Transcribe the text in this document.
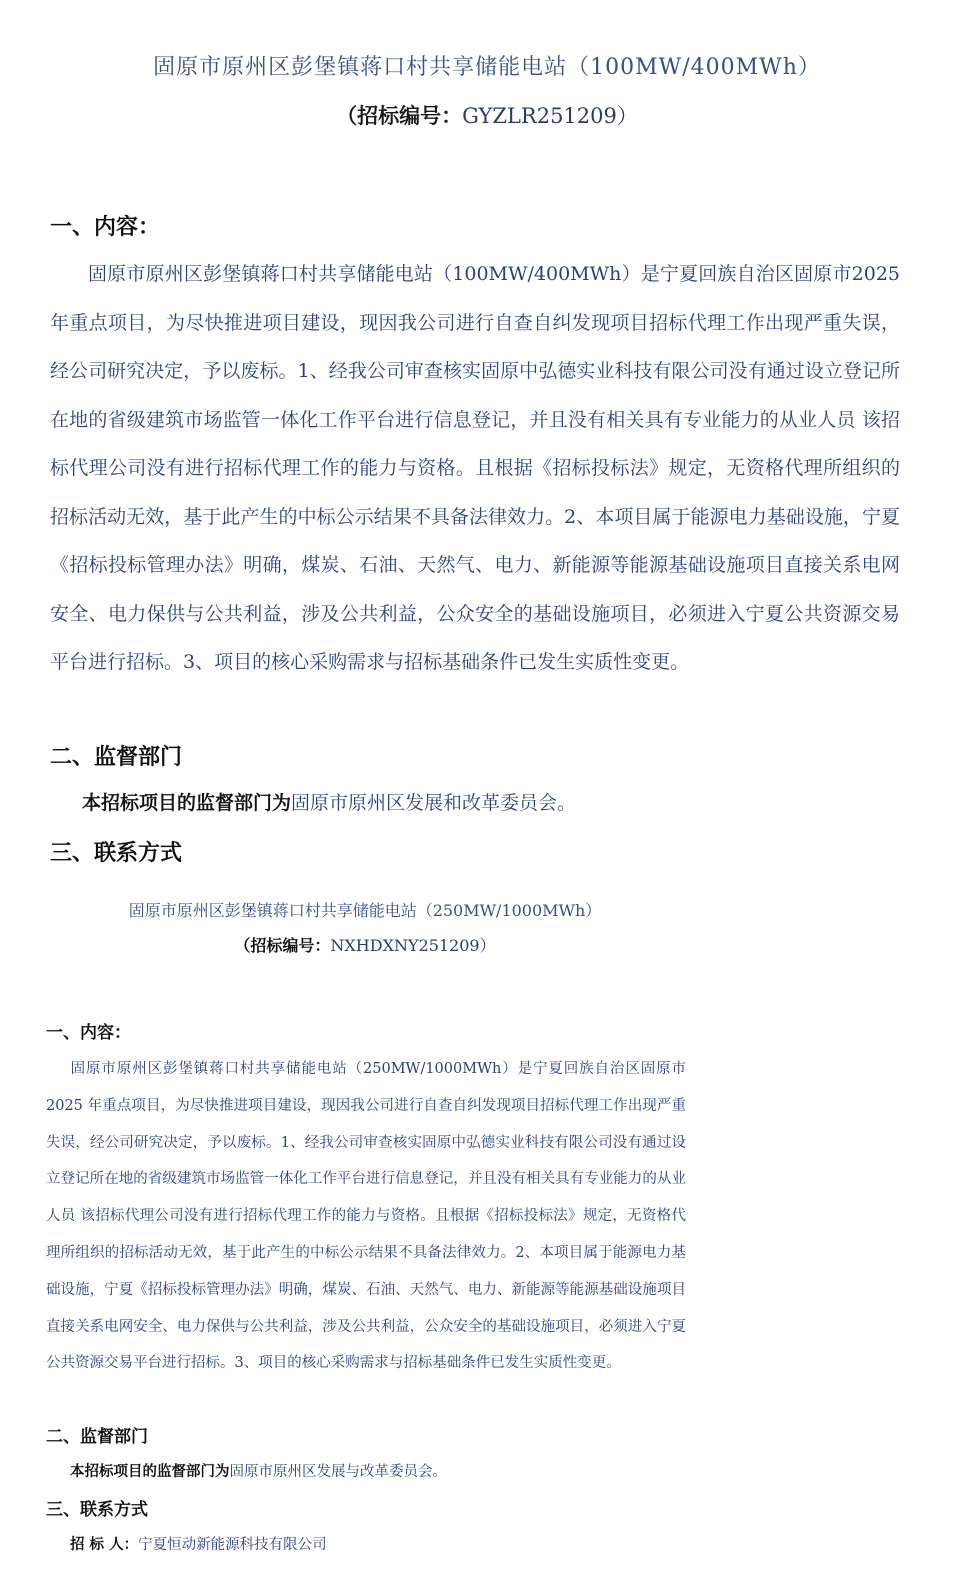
固原市原州区彭堡镇蒋口村共享储能电站（100MW/400MWh）
（招标编号：GYZLR251209）
一、内容：

固原市原州区彭堡镇蒋口村共享储能电站（100MW/400MWh）是宁夏回族自治区固原市2025 年重点项目，为尽快推进项目建设，现因我公司进行自查自纠发现项目招标代理工作出现严重失误，经公司研究决定，予以废标。1、经我公司审查核实固原中弘德实业科技有限公司没有通过设立登记所在地的省级建筑市场监管一体化工作平台进行信息登记，并且没有相关具有专业能力的从业人员 该招标代理公司没有进行招标代理工作的能力与资格。且根据《招标投标法》规定，无资格代理所组织的招标活动无效，基于此产生的中标公示结果不具备法律效力。2、本项目属于能源电力基础设施，宁夏《招标投标管理办法》明确，煤炭、石油、天然气、电力、新能源等能源基础设施项目直接关系电网安全、电力保供与公共利益，涉及公共利益，公众安全的基础设施项目，必须进入宁夏公共资源交易平台进行招标。3、项目的核心采购需求与招标基础条件已发生实质性变更。

二、监督部门

本招标项目的监督部门为固原市原州区发展和改革委员会。

三、联系方式
固原市原州区彭堡镇蒋口村共享储能电站（250MW/1000MWh）
（招标编号：NXHDXNY251209）
一、内容：

固原市原州区彭堡镇蒋口村共享储能电站（250MW/1000MWh）是宁夏回族自治区固原市2025 年重点项目，为尽快推进项目建设，现因我公司进行自查自纠发现项目招标代理工作出现严重失误，经公司研究决定，予以废标。1、经我公司审查核实固原中弘德实业科技有限公司没有通过设立登记所在地的省级建筑市场监管一体化工作平台进行信息登记，并且没有相关具有专业能力的从业人员 该招标代理公司没有进行招标代理工作的能力与资格。且根据《招标投标法》规定，无资格代理所组织的招标活动无效，基于此产生的中标公示结果不具备法律效力。2、本项目属于能源电力基础设施，宁夏《招标投标管理办法》明确，煤炭、石油、天然气、电力、新能源等能源基础设施项目直接关系电网安全、电力保供与公共利益，涉及公共利益，公众安全的基础设施项目，必须进入宁夏公共资源交易平台进行招标。3、项目的核心采购需求与招标基础条件已发生实质性变更。

二、监督部门

本招标项目的监督部门为固原市原州区发展与改革委员会。

三、联系方式

招 标 人：宁夏恒动新能源科技有限公司
